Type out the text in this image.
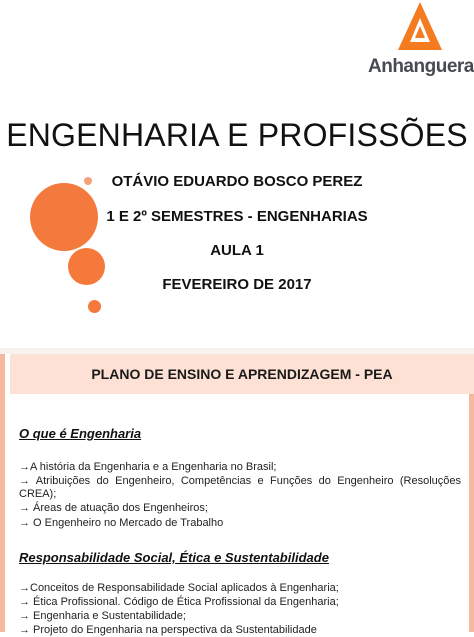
Anhanguera
ENGENHARIA E PROFISSÕES
OTÁVIO EDUARDO BOSCO PEREZ
1 E 2º SEMESTRES - ENGENHARIAS
AULA 1
FEVEREIRO DE 2017
PLANO DE ENSINO E APRENDIZAGEM - PEA
O que é Engenharia
→A história da Engenharia e a Engenharia no Brasil;
→ Atribuições do Engenheiro, Competências e Funções do Engenheiro (Resoluções CREA);
→ Áreas de atuação dos Engenheiros;
→ O Engenheiro no Mercado de Trabalho
Responsabilidade Social, Ética e Sustentabilidade
→Conceitos de Responsabilidade Social aplicados à Engenharia;
→ Ética Profissional. Código de Ética Profissional da Engenharia;
→ Engenharia e Sustentabilidade;
→ Projeto do Engenharia na perspectiva da Sustentabilidade
